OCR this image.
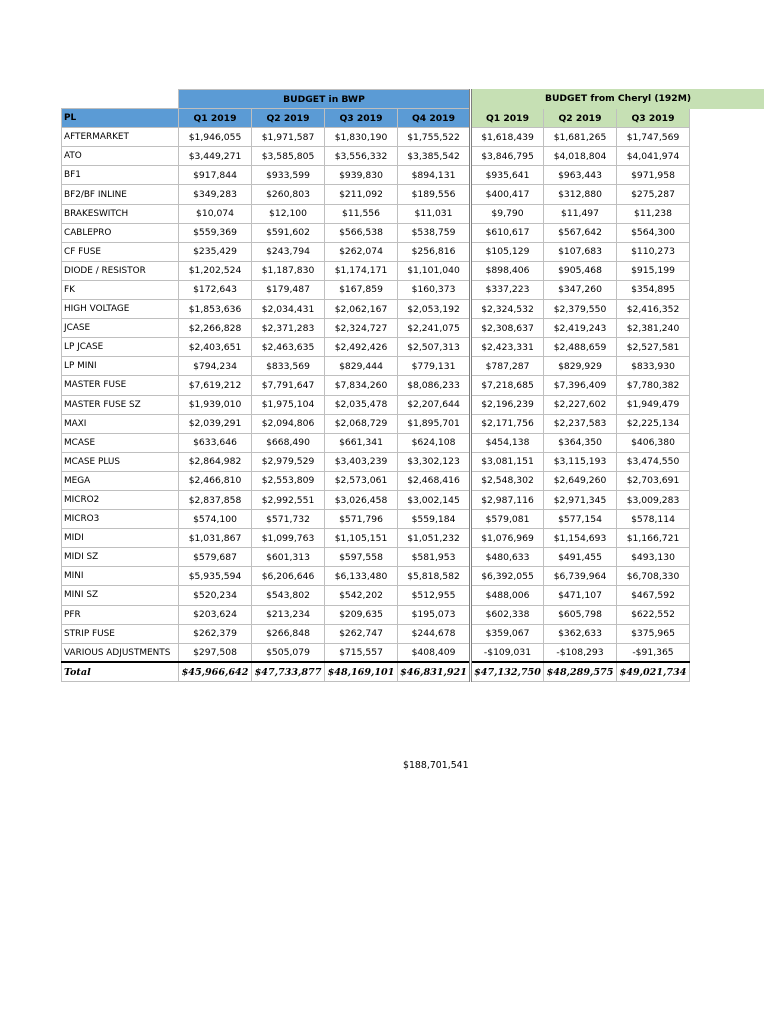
	BUDGET in BWP				BUDGET from Cheryl (192M)		

PL	Q1 2019	Q2 2019	Q3 2019	Q4 2019	Q1 2019	Q2 2019	Q3 2019
AFTERMARKET	$1,946,055	$1,971,587	$1,830,190	$1,755,522	$1,618,439	$1,681,265	$1,747,569
ATO	$3,449,271	$3,585,805	$3,556,332	$3,385,542	$3,846,795	$4,018,804	$4,041,974
BF1	$917,844	$933,599	$939,830	$894,131	$935,641	$963,443	$971,958
BF2/BF INLINE	$349,283	$260,803	$211,092	$189,556	$400,417	$312,880	$275,287
BRAKESWITCH	$10,074	$12,100	$11,556	$11,031	$9,790	$11,497	$11,238
CABLEPRO	$559,369	$591,602	$566,538	$538,759	$610,617	$567,642	$564,300
CF FUSE	$235,429	$243,794	$262,074	$256,816	$105,129	$107,683	$110,273
DIODE / RESISTOR	$1,202,524	$1,187,830	$1,174,171	$1,101,040	$898,406	$905,468	$915,199
FK	$172,643	$179,487	$167,859	$160,373	$337,223	$347,260	$354,895
HIGH VOLTAGE	$1,853,636	$2,034,431	$2,062,167	$2,053,192	$2,324,532	$2,379,550	$2,416,352
JCASE	$2,266,828	$2,371,283	$2,324,727	$2,241,075	$2,308,637	$2,419,243	$2,381,240
LP JCASE	$2,403,651	$2,463,635	$2,492,426	$2,507,313	$2,423,331	$2,488,659	$2,527,581
LP MINI	$794,234	$833,569	$829,444	$779,131	$787,287	$829,929	$833,930
MASTER FUSE	$7,619,212	$7,791,647	$7,834,260	$8,086,233	$7,218,685	$7,396,409	$7,780,382
MASTER FUSE SZ	$1,939,010	$1,975,104	$2,035,478	$2,207,644	$2,196,239	$2,227,602	$1,949,479
MAXI	$2,039,291	$2,094,806	$2,068,729	$1,895,701	$2,171,756	$2,237,583	$2,225,134
MCASE	$633,646	$668,490	$661,341	$624,108	$454,138	$364,350	$406,380
MCASE PLUS	$2,864,982	$2,979,529	$3,403,239	$3,302,123	$3,081,151	$3,115,193	$3,474,550
MEGA	$2,466,810	$2,553,809	$2,573,061	$2,468,416	$2,548,302	$2,649,260	$2,703,691
MICRO2	$2,837,858	$2,992,551	$3,026,458	$3,002,145	$2,987,116	$2,971,345	$3,009,283
MICRO3	$574,100	$571,732	$571,796	$559,184	$579,081	$577,154	$578,114
MIDI	$1,031,867	$1,099,763	$1,105,151	$1,051,232	$1,076,969	$1,154,693	$1,166,721
MIDI SZ	$579,687	$601,313	$597,558	$581,953	$480,633	$491,455	$493,130
MINI	$5,935,594	$6,206,646	$6,133,480	$5,818,582	$6,392,055	$6,739,964	$6,708,330
MINI SZ	$520,234	$543,802	$542,202	$512,955	$488,006	$471,107	$467,592
PFR	$203,624	$213,234	$209,635	$195,073	$602,338	$605,798	$622,552
STRIP FUSE	$262,379	$266,848	$262,747	$244,678	$359,067	$362,633	$375,965
VARIOUS ADJUSTMENTS	$297,508	$505,079	$715,557	$408,409	-$109,031	-$108,293	-$91,365
Total	$45,966,642	$47,733,877	$48,169,101	$46,831,921	$47,132,750	$48,289,575	$49,021,734
$188,701,541
